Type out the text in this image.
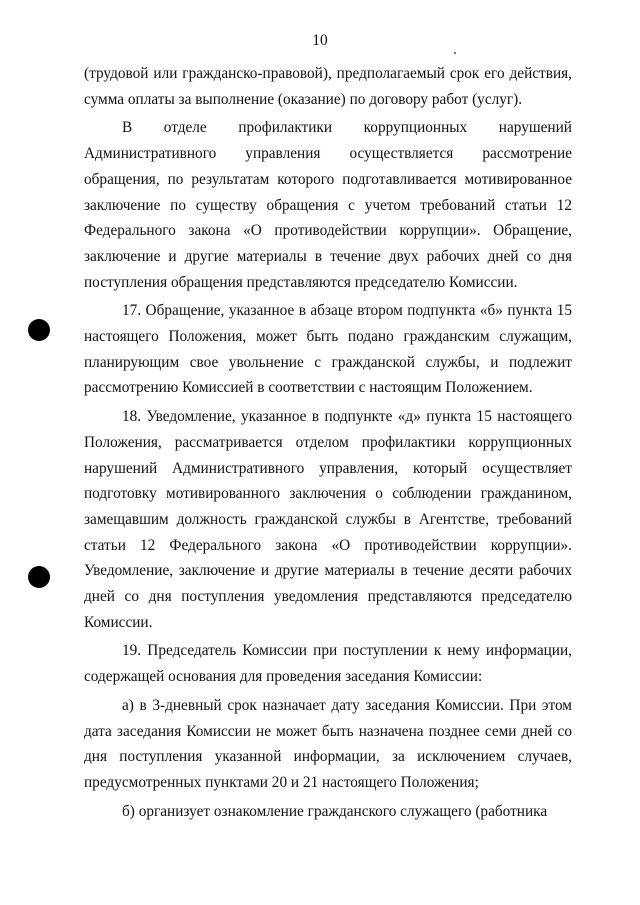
10

(трудовой или гражданско-правовой), предполагаемый срок его действия, сумма оплаты за выполнение (оказание) по договору работ (услуг).

В отделе профилактики коррупционных нарушений Административного управления осуществляется рассмотрение обращения, по результатам которого подготавливается мотивированное заключение по существу обращения с учетом требований статьи 12 Федерального закона «О противодействии коррупции». Обращение, заключение и другие материалы в течение двух рабочих дней со дня поступления обращения представляются председателю Комиссии.

17. Обращение, указанное в абзаце втором подпункта «б» пункта 15 настоящего Положения, может быть подано гражданским служащим, планирующим свое увольнение с гражданской службы, и подлежит рассмотрению Комиссией в соответствии с настоящим Положением.

18. Уведомление, указанное в подпункте «д» пункта 15 настоящего Положения, рассматривается отделом профилактики коррупционных нарушений Административного управления, который осуществляет подготовку мотивированного заключения о соблюдении гражданином, замещавшим должность гражданской службы в Агентстве, требований статьи 12 Федерального закона «О противодействии коррупции». Уведомление, заключение и другие материалы в течение десяти рабочих дней со дня поступления уведомления представляются председателю Комиссии.

19. Председатель Комиссии при поступлении к нему информации, содержащей основания для проведения заседания Комиссии:

а) в 3-дневный срок назначает дату заседания Комиссии. При этом дата заседания Комиссии не может быть назначена позднее семи дней со дня поступления указанной информации, за исключением случаев, предусмотренных пунктами 20 и 21 настоящего Положения;

б) организует ознакомление гражданского служащего (работника
